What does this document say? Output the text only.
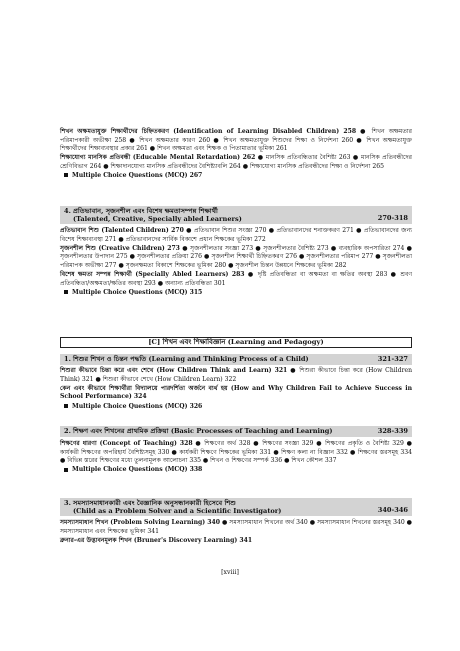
শিখন অক্ষমতাযুক্ত শিক্ষার্থীদের চিহ্নিতকরণ (Identification of Learning Disabled Children) 258 ● শিখন অক্ষমতার পরিমাপকারী অভীক্ষা 258 ● শিখন অক্ষমতার কারণ 260 ● শিখন অক্ষমতাযুক্ত শিশুদের শিক্ষা ও নির্দেশনা 260 ● শিখন অক্ষমতাযুক্ত শিক্ষার্থীদের শিক্ষাব্যবস্থার প্রকার 261 ● শিখন অক্ষমতা এবং শিক্ষক ও পিতামাতার ভূমিকা 261

শিক্ষাযোগ্য মানসিক প্রতিবন্ধী (Educable Mental Retardation) 262 ● মানসিক প্রতিবন্ধিতার বৈশিষ্ট্য 263 ● মানসিক প্রতিবন্ধীদের শ্রেণিবিভাগ 264 ● শিক্ষাদানযোগ্য মানসিক প্রতিবন্ধীদের বৈশিষ্ট্যাবলি 264 ● শিক্ষাযোগ্য মানসিক প্রতিবন্ধীদের শিক্ষা ও নির্দেশনা 265

Multiple Choice Questions (MCQ) 267

4. প্রতিভাবান, সৃজনশীল এবং বিশেষ ক্ষমতাসম্পন্ন শিক্ষার্থী
(Talented, Creative, Specially abled Learners)	270-318

প্রতিভাবান শিশু (Talented Children) 270 ● প্রতিভাবান শিশুর সংজ্ঞা 270 ● প্রতিভাবানদের শনাক্তকরণ 271 ● প্রতিভাবানদের জন্য বিশেষ শিক্ষাব্যবস্থা 271 ● প্রতিভাবানদের সার্বিক বিকাশে প্রধান শিক্ষকের ভূমিকা 272

সৃজনশীল শিশু (Creative Children) 273 ● সৃজনশীলতার সংজ্ঞা 273 ● সৃজনশীলতার বৈশিষ্ট্য 273 ● ব্যবহারিক অপসারিতা 274 ● সৃজনশীলতার উপাদান 275 ● সৃজনশীলতার প্রক্রিয়া 276 ● সৃজনশীল শিক্ষার্থী চিহ্নিতকরণ 276 ● সৃজনশীলতার পরিমাপ 277 ● সৃজনশীলতা পরিমাপক অভীক্ষা 277 ● সৃজনক্ষমতা বিকাশে শিক্ষকের ভূমিকা 280 ● সৃজনশীল চিন্তন উন্নয়নে শিক্ষকের ভূমিকা 282

বিশেষ ক্ষমতা সম্পন্ন শিক্ষার্থী (Specially Abled Learners) 283 ● দৃষ্টি প্রতিবন্ধিতা বা অক্ষমতা বা ক্ষতির অবস্থা 283 ● শ্রবণ প্রতিবন্ধিতা/অক্ষমতা/ক্ষতির অবস্থা 293 ● অন্যান্য প্রতিবন্ধিতা 301

Multiple Choice Questions (MCQ) 315

[C] শিখন এবং শিক্ষাবিজ্ঞান (Learning and Pedagogy)
1. শিশুর শিখন ও চিন্তন পদ্ধতি (Learning and Thinking Process of a Child)	321-327

শিশুরা কীভাবে চিন্তা করে এবং শেখে (How Children Think and Learn) 321 ● শিশুরা কীভাবে চিন্তা করে (How Children Think) 321 ● শিশুরা কীভাবে শেখে (How Children Learn) 322

কেন এবং কীভাবে শিক্ষার্থীরা বিদ্যালয়ে পারদর্শিতা অর্জনে ব্যর্থ হয় (How and Why Children Fail to Achieve Success in School Performance) 324

Multiple Choice Questions (MCQ) 326

2. শিক্ষণ এবং শিখনের প্রাথমিক প্রক্রিয়া (Basic Processes of Teaching and Learning)	328-339

শিক্ষণের ধারণা (Concept of Teaching) 328 ● শিক্ষণের অর্থ 328 ● শিক্ষণের সংজ্ঞা 329 ● শিক্ষণের প্রকৃতি ও বৈশিষ্ট্য 329 ● কার্যকরী শিক্ষণের অপরিহার্য বৈশিষ্ট্যসমূহ 330 ● কার্যকরী শিক্ষণে শিক্ষকের ভূমিকা 331 ● শিক্ষণ কলা না বিজ্ঞান 332 ● শিক্ষণের স্তরসমূহ 334 ● বিভিন্ন স্তরের শিক্ষণের মধ্যে তুলনামূলক আলোচনা 335 ● শিখন ও শিক্ষণের সম্পর্ক 336 ● শিখন কৌশল 337

Multiple Choice Questions (MCQ) 338

3. সমস্যাসমাধানকারী এবং বৈজ্ঞানিক অনুসন্ধানকারী হিসেবে শিশু
(Child as a Problem Solver and a Scientific Investigator)	340-346

সমস্যাসমাধান শিখন (Problem Solving Learning) 340 ● সমস্যাসমাধান শিখনের অর্থ 340 ● সমস্যাসমাধান শিখনের স্তরসমূহ 340 ● সমস্যাসমাধান এবং শিক্ষকের ভূমিকা 341

ব্রুনার-এর উদ্ভাবনমূলক শিখন (Bruner's Discovery Learning) 341

[xviii]
